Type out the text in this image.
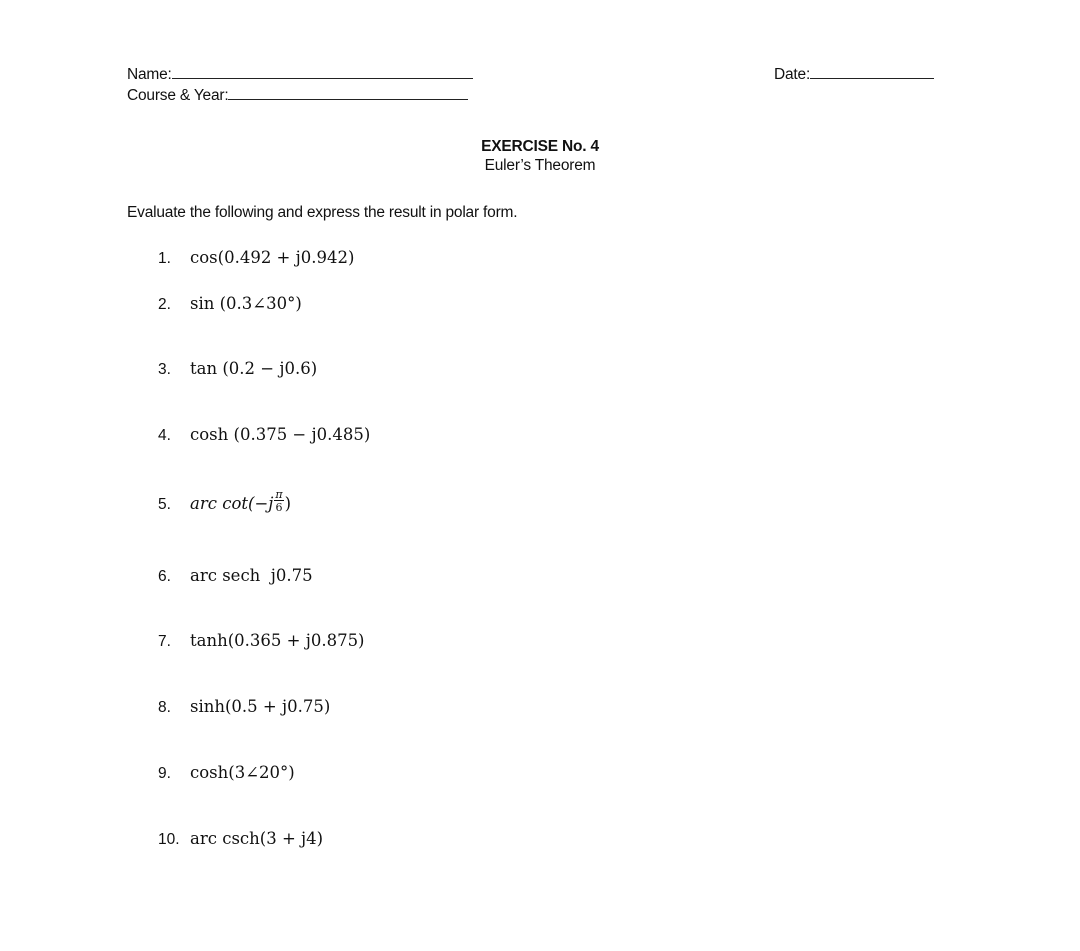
Name:
Course & Year:
Date:
EXERCISE No. 4
Euler’s Theorem
Evaluate the following and express the result in polar form.
1. cos(0.492 + j0.942)
2. sin (0.3∠30°)
3. tan (0.2 − j0.6)
4. cosh (0.375 − j0.485)
5. arc $\cot(-j \frac{\pi}{6}$ )
6. arc sech  j0.75
7. tanh(0.365 + j0.875)
8. sinh(0.5 + j0.75)
9. cosh(3∠20°)
10. arc csch(3 + j4)
